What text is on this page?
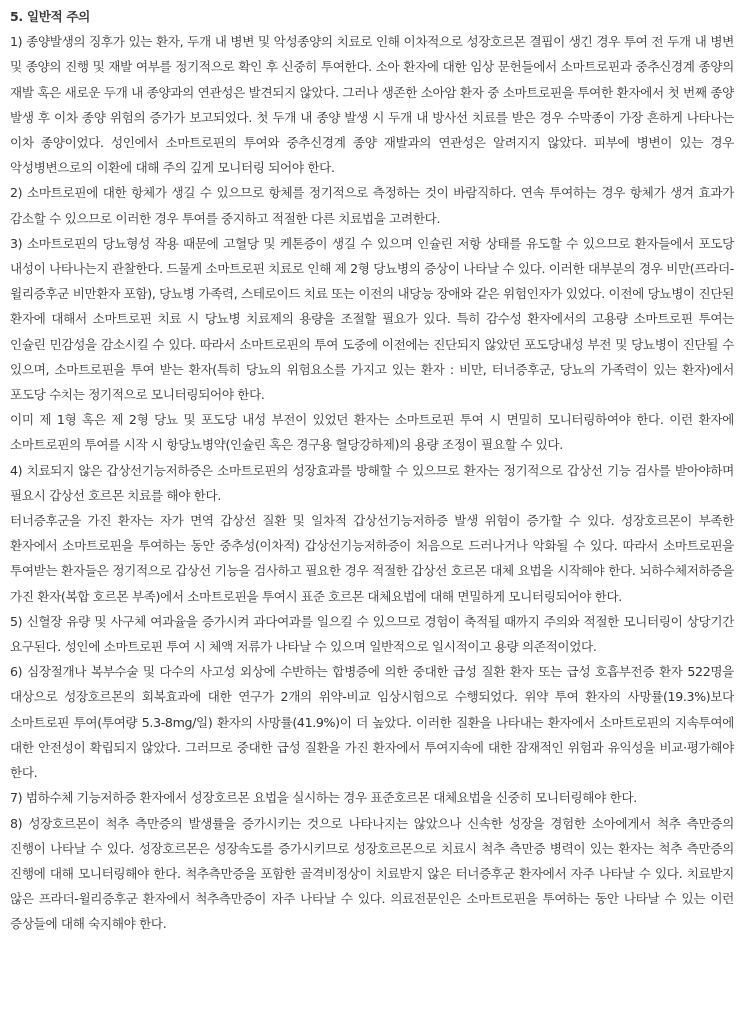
5. 일반적 주의

1) 종양발생의 징후가 있는 환자, 두개 내 병변 및 악성종양의 치료로 인해 이차적으로 성장호르몬 결핍이 생긴 경우 투여 전 두개 내 병변 및 종양의 진행 및 재발 여부를 정기적으로 확인 후 신중히 투여한다. 소아 환자에 대한 임상 문헌들에서 소마트로핀과 중추신경계 종양의 재발 혹은 새로운 두개 내 종양과의 연관성은 발견되지 않았다. 그러나 생존한 소아암 환자 중 소마트로핀을 투여한 환자에서 첫 번째 종양 발생 후 이차 종양 위험의 증가가 보고되었다. 첫 두개 내 종양 발생 시 두개 내 방사선 치료를 받은 경우 수막종이 가장 흔하게 나타나는 이차 종양이었다. 성인에서 소마트로핀의 투여와 중추신경계 종양 재발과의 연관성은 알려지지 않았다. 피부에 병변이 있는 경우 악성병변으로의 이환에 대해 주의 깊게 모니터링 되어야 한다.

2) 소마트로핀에 대한 항체가 생길 수 있으므로 항체를 정기적으로 측정하는 것이 바람직하다. 연속 투여하는 경우 항체가 생겨 효과가 감소할 수 있으므로 이러한 경우 투여를 중지하고 적절한 다른 치료법을 고려한다.

3) 소마트로핀의 당뇨형성 작용 때문에 고혈당 및 케톤증이 생길 수 있으며 인슐린 저항 상태를 유도할 수 있으므로 환자들에서 포도당 내성이 나타나는지 관찰한다. 드물게 소마트로핀 치료로 인해 제 2형 당뇨병의 증상이 나타날 수 있다. 이러한 대부분의 경우 비만(프라더-윌리증후군 비만환자 포함), 당뇨병 가족력, 스테로이드 치료 또는 이전의 내당능 장애와 같은 위험인자가 있었다. 이전에 당뇨병이 진단된 환자에 대해서 소마트로핀 치료 시 당뇨병 치료제의 용량을 조절할 필요가 있다. 특히 감수성 환자에서의 고용량 소마트로핀 투여는 인슐린 민감성을 감소시킬 수 있다. 따라서 소마트로핀의 투여 도중에 이전에는 진단되지 않았던 포도당내성 부전 및 당뇨병이 진단될 수 있으며, 소마트로핀을 투여 받는 환자(특히 당뇨의 위험요소를 가지고 있는 환자 : 비만, 터너증후군, 당뇨의 가족력이 있는 환자)에서 포도당 수치는 정기적으로 모니터링되어야 한다.

이미 제 1형 혹은 제 2형 당뇨 및 포도당 내성 부전이 있었던 환자는 소마트로핀 투여 시 면밀히 모니터링하여야 한다. 이런 환자에 소마트로핀의 투여를 시작 시 항당뇨병약(인슐린 혹은 경구용 혈당강하제)의 용량 조정이 필요할 수 있다.

4) 치료되지 않은 갑상선기능저하증은 소마트로핀의 성장효과를 방해할 수 있으므로 환자는 정기적으로 갑상선 기능 검사를 받아야하며 필요시 갑상선 호르몬 치료를 해야 한다.

터너증후군을 가진 환자는 자가 면역 갑상선 질환 및 일차적 갑상선기능저하증 발생 위험이 증가할 수 있다. 성장호르몬이 부족한 환자에서 소마트로핀을 투여하는 동안 중추성(이차적) 갑상선기능저하증이 처음으로 드러나거나 악화될 수 있다. 따라서 소마트로핀을 투여받는 환자들은 정기적으로 갑상선 기능을 검사하고 필요한 경우 적절한 갑상선 호르몬 대체 요법을 시작해야 한다. 뇌하수체저하증을 가진 환자(복합 호르몬 부족)에서 소마트로핀을 투여시 표준 호르몬 대체요법에 대해 면밀하게 모니터링되어야 한다.

5) 신혈장 유량 및 사구체 여과율을 증가시켜 과다여과를 일으킬 수 있으므로 경험이 축적될 때까지 주의와 적절한 모니터링이 상당기간 요구된다. 성인에 소마트로핀 투여 시 체액 저류가 나타날 수 있으며 일반적으로 일시적이고 용량 의존적이었다.

6) 심장절개나 복부수술 및 다수의 사고성 외상에 수반하는 합병증에 의한 중대한 급성 질환 환자 또는 급성 호흡부전증 환자 522명을 대상으로 성장호르몬의 회복효과에 대한 연구가 2개의 위약-비교 임상시험으로 수행되었다. 위약 투여 환자의 사망률(19.3%)보다 소마트로핀 투여(투여량 5.3-8mg/일) 환자의 사망률(41.9%)이 더 높았다. 이러한 질환을 나타내는 환자에서 소마트로핀의 지속투여에 대한 안전성이 확립되지 않았다. 그러므로 중대한 급성 질환을 가진 환자에서 투여지속에 대한 잠재적인 위험과 유익성을 비교·평가해야 한다.

7) 범하수체 기능저하증 환자에서 성장호르몬 요법을 실시하는 경우 표준호르몬 대체요법을 신중히 모니터링해야 한다.

8) 성장호르몬이 척추 측만증의 발생률을 증가시키는 것으로 나타나지는 않았으나 신속한 성장을 경험한 소아에게서 척추 측만증의 진행이 나타날 수 있다. 성장호르몬은 성장속도를 증가시키므로 성장호르몬으로 치료시 척추 측만증 병력이 있는 환자는 척추 측만증의 진행에 대해 모니터링해야 한다. 척추측만증을 포함한 골격비정상이 치료받지 않은 터너증후군 환자에서 자주 나타날 수 있다. 치료받지 않은 프라더-윌리증후군 환자에서 척추측만증이 자주 나타날 수 있다. 의료전문인은 소마트로핀을 투여하는 동안 나타날 수 있는 이런 증상들에 대해 숙지해야 한다.
